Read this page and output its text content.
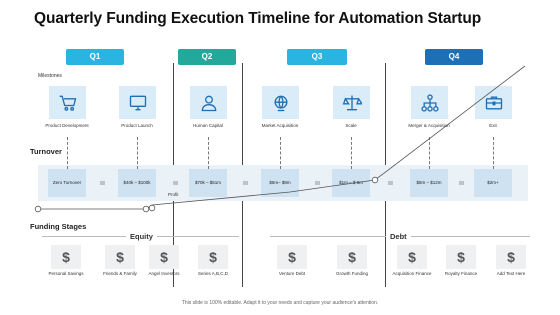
Quarterly Funding Execution Timeline for Automation Startup
Q1	Q2	Q3	Q4
Milestones
Product Development	Product Launch	Human Capital	Market Acquisition	Scale	Merger & Acquisition	Exit
Turnover
Zero Turnover	$40k – $100k	$70k – $51m	$5m– $8m	$1m – $ 8m	$8m – $12m	$2m+
Profit
Funding Stages
Equity	Debt
$
Personal Savings
$
Friends & Family
$
Angel Investors
$
Series A,B,C,D
$
Venture Debt
$
Growth Funding
$
Acquisition Finance
$
Royalty Finance
$
Add Text Here
This slide is 100% editable. Adapt it to your needs and capture your audience's attention.
